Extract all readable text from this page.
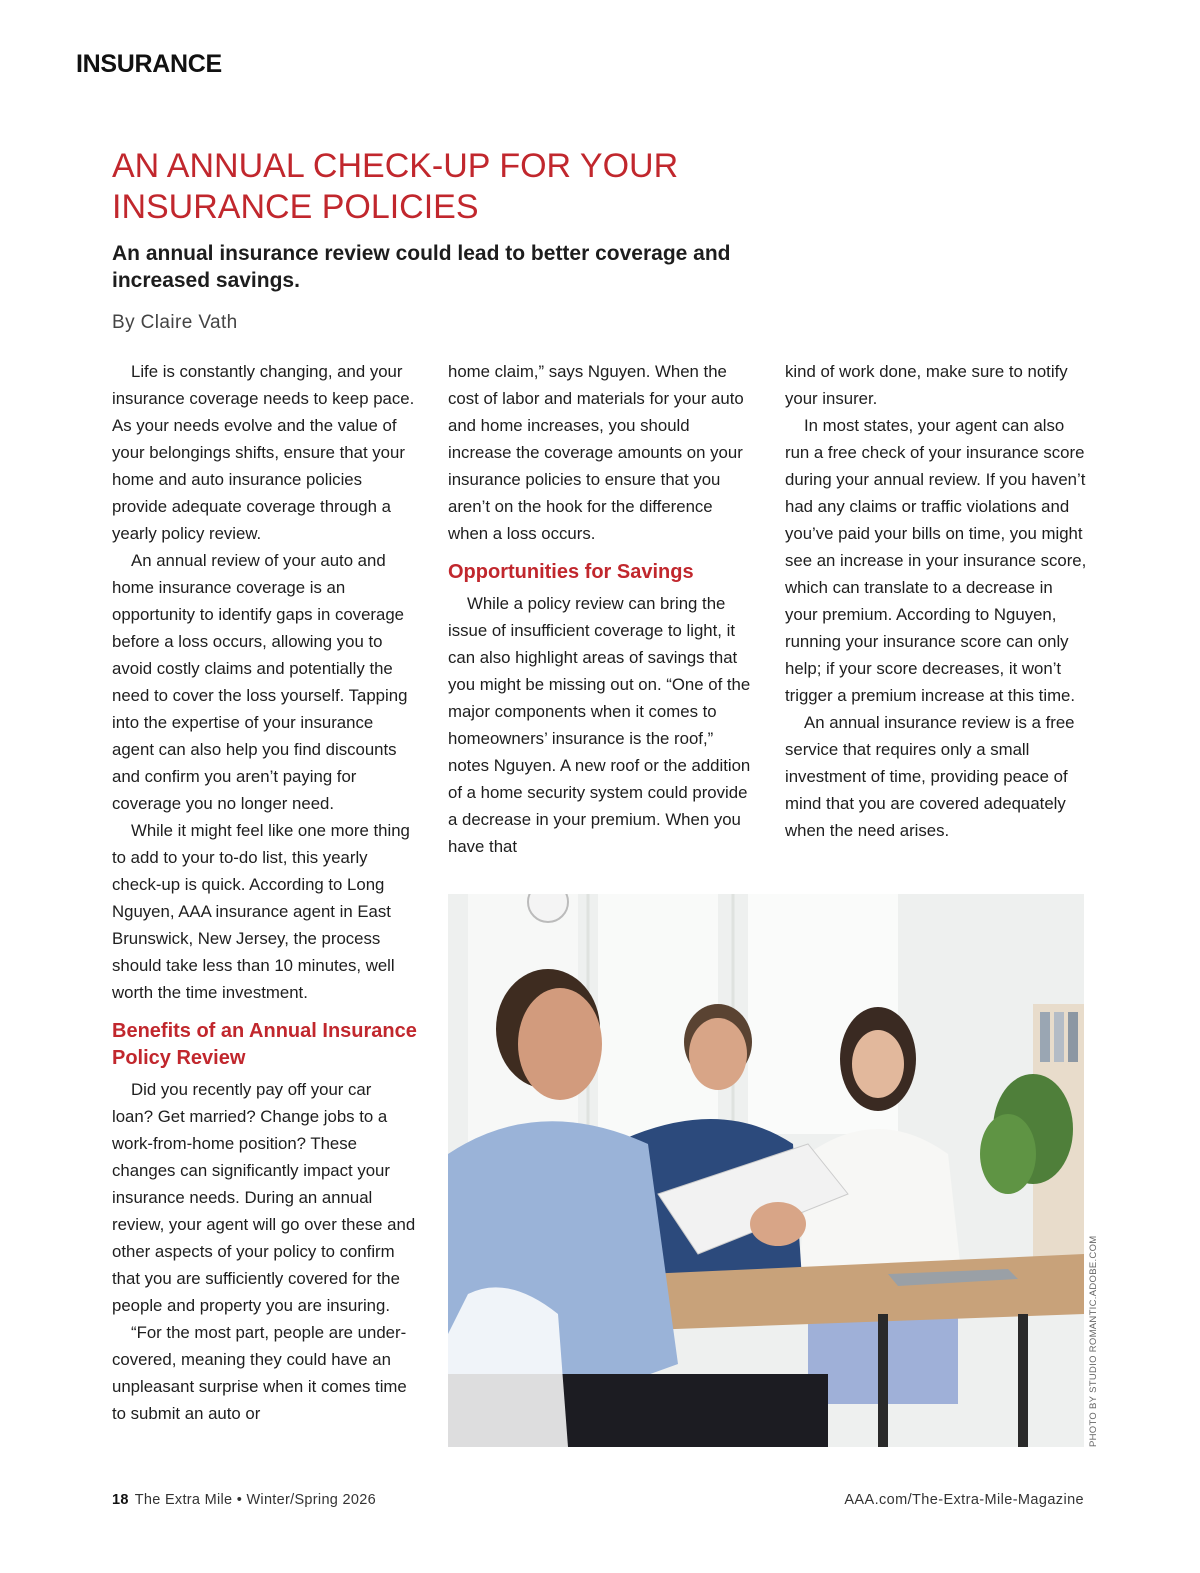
INSURANCE
AN ANNUAL CHECK-UP FOR YOUR INSURANCE POLICIES
An annual insurance review could lead to better coverage and increased savings.
By Claire Vath

Life is constantly changing, and your insurance coverage needs to keep pace. As your needs evolve and the value of your belongings shifts, ensure that your home and auto insurance policies provide adequate coverage through a yearly policy review.

An annual review of your auto and home insurance coverage is an opportunity to identify gaps in coverage before a loss occurs, allowing you to avoid costly claims and potentially the need to cover the loss yourself. Tapping into the expertise of your insurance agent can also help you find discounts and confirm you aren’t paying for coverage you no longer need.

While it might feel like one more thing to add to your to-do list, this yearly check-up is quick. According to Long Nguyen, AAA insurance agent in East Brunswick, New Jersey, the process should take less than 10 minutes, well worth the time investment.

Benefits of an Annual Insurance Policy Review

Did you recently pay off your car loan? Get married? Change jobs to a work-from-home position? These changes can significantly impact your insurance needs. During an annual review, your agent will go over these and other aspects of your policy to confirm that you are sufficiently covered for the people and property you are insuring.

“For the most part, people are under-covered, meaning they could have an unpleasant surprise when it comes time to submit an auto or

home claim,” says Nguyen. When the cost of labor and materials for your auto and home increases, you should increase the coverage amounts on your insurance policies to ensure that you aren’t on the hook for the difference when a loss occurs.

Opportunities for Savings

While a policy review can bring the issue of insufficient coverage to light, it can also highlight areas of savings that you might be missing out on. “One of the major components when it comes to homeowners’ insurance is the roof,” notes Nguyen. A new roof or the addition of a home security system could provide a decrease in your premium. When you have that

kind of work done, make sure to notify your insurer.

In most states, your agent can also run a free check of your insurance score during your annual review. If you haven’t had any claims or traffic violations and you’ve paid your bills on time, you might see an increase in your insurance score, which can translate to a decrease in your premium. According to Nguyen, running your insurance score can only help; if your score decreases, it won’t trigger a premium increase at this time.

An annual insurance review is a free service that requires only a small investment of time, providing peace of mind that you are covered adequately when the need arises.

PHOTO BY STUDIO ROMANTIC.ADOBE.COM
18 The Extra Mile • Winter/Spring 2026	AAA.com/The-Extra-Mile-Magazine
